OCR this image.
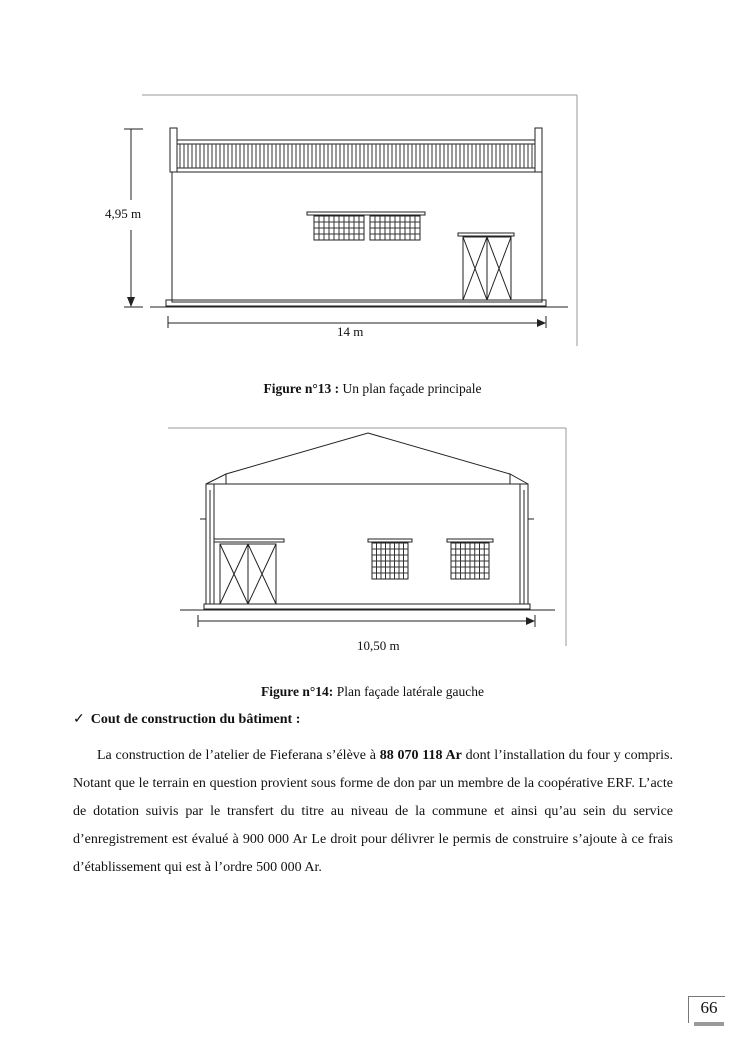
4,95 m
14 m
Figure n°13 : Un plan façade principale
10,50 m
Figure n°14: Plan façade latérale gauche
✓ Cout de construction du bâtiment :
La construction de l’atelier de Fieferana s’élève à 88 070 118 Ar dont l’installation du four y compris. Notant que le terrain en question provient sous forme de don par un membre de la coopérative ERF. L’acte de dotation suivis par le transfert du titre au niveau de la commune et ainsi qu’au sein du service d’enregistrement est évalué à 900 000 Ar Le droit pour délivrer le permis de construire s’ajoute à ce frais d’établissement qui est à l’ordre 500 000 Ar.
66
